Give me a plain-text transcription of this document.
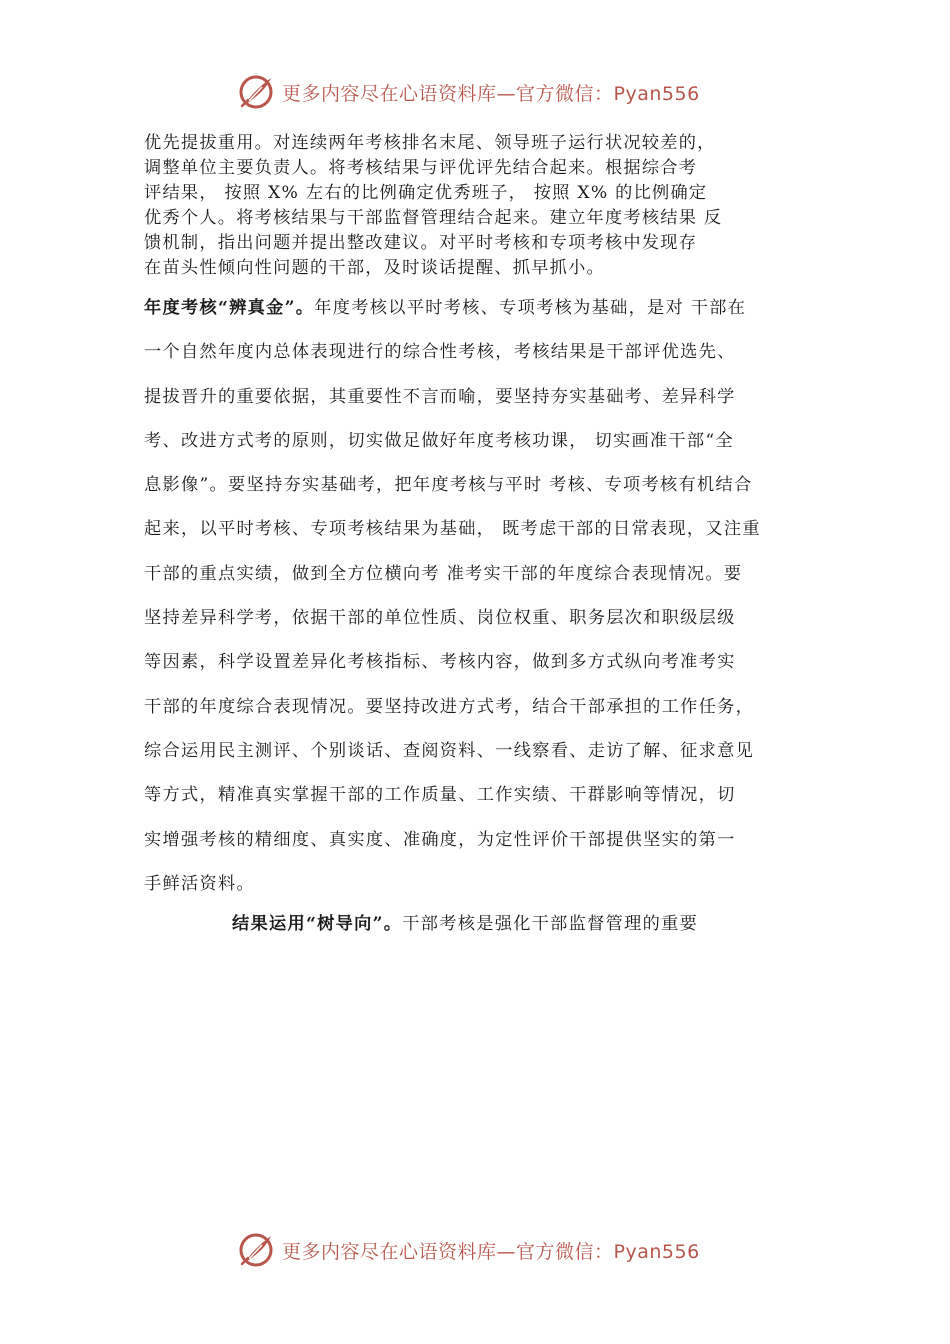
更多内容尽在心语资料库—官方微信：Pyan556

优先提拔重用。对连续两年考核排名末尾、领导班子运行状况较差的，

调整单位主要负责人。将考核结果与评优评先结合起来。根据综合考

评结果， 按照 X% 左右的比例确定优秀班子， 按照 X% 的比例确定

优秀个人。将考核结果与干部监督管理结合起来。建立年度考核结果 反

馈机制，指出问题并提出整改建议。对平时考核和专项考核中发现存

在苗头性倾向性问题的干部，及时谈话提醒、抓早抓小。

年度考核“辨真金”。年度考核以平时考核、专项考核为基础，是对 干部在

一个自然年度内总体表现进行的综合性考核，考核结果是干部评优选先、

提拔晋升的重要依据，其重要性不言而喻，要坚持夯实基础考、差异科学

考、改进方式考的原则，切实做足做好年度考核功课， 切实画准干部“全

息影像”。要坚持夯实基础考，把年度考核与平时 考核、专项考核有机结合

起来，以平时考核、专项考核结果为基础， 既考虑干部的日常表现，又注重

干部的重点实绩，做到全方位横向考 准考实干部的年度综合表现情况。要

坚持差异科学考，依据干部的单位性质、岗位权重、职务层次和职级层级

等因素，科学设置差异化考核指标、考核内容，做到多方式纵向考准考实

干部的年度综合表现情况。要坚持改进方式考，结合干部承担的工作任务，

综合运用民主测评、个别谈话、查阅资料、一线察看、走访了解、征求意见

等方式，精准真实掌握干部的工作质量、工作实绩、干群影响等情况，切

实增强考核的精细度、真实度、准确度，为定性评价干部提供坚实的第一

手鲜活资料。

结果运用“树导向”。干部考核是强化干部监督管理的重要
更多内容尽在心语资料库—官方微信：Pyan556
